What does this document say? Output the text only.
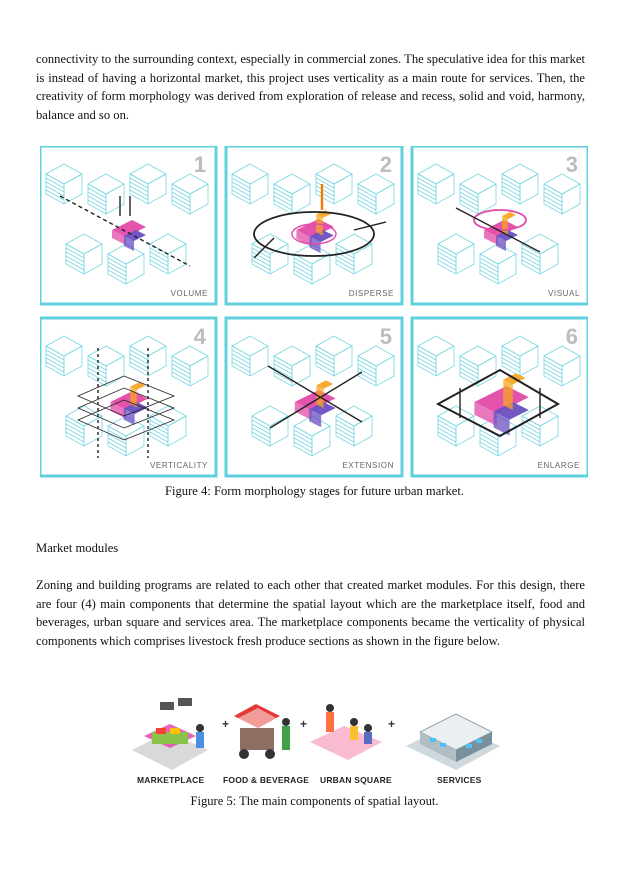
connectivity to the surrounding context, especially in commercial zones. The speculative idea for this market is instead of having a horizontal market, this project uses verticality as a main route for services. Then, the creativity of form morphology was derived from exploration of release and recess, solid and void, harmony, balance and so on.

1
VOLUME
2
DISPERSE
3
VISUAL
4
VERTICALITY
5
EXTENSION
6
ENLARGE

Figure 4: Form morphology stages for future urban market.

Market modules

Zoning and building programs are related to each other that created market modules. For this design, there are four (4) main components that determine the spatial layout which are the marketplace itself, food and beverages, urban square and services area. The marketplace components became the verticality of physical components which comprises livestock fresh produce sections as shown in the figure below.

+	+	+
MARKETPLACE FOOD & BEVERAGE URBAN SQUARE	SERVICES

Figure 5: The main components of spatial layout.
